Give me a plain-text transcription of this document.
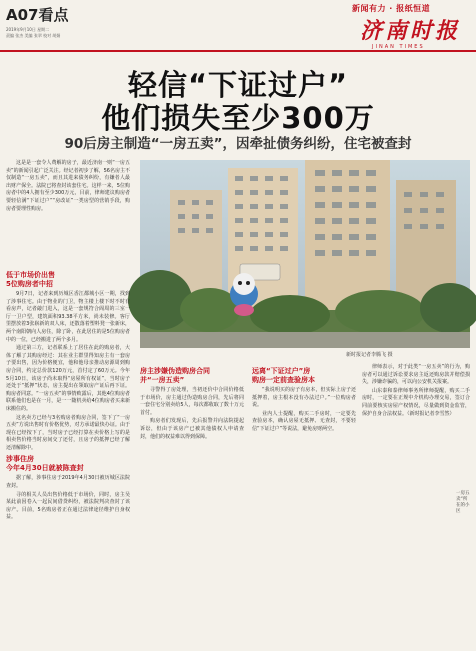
A07看点
2019年9月10日 星期二
责编 张杰 美编 张翠 校对 胡娟
新闻有力 · 报纸恒道
济南时报
JINAN TIMES
轻信“下证过户”
他们损失至少300万
90后房主制造“一房五卖”，因牵扯债务纠纷，住宅被查封

这是是一套令人费解的房子，最近济南一则“一房五卖”的新闻引起广泛关注。经记者初步了解，56名房主不仅制造“一房五卖”，而且其进来债务纠纷，有嫌者人最出财产保全。法院已将查封该套住宅。这样一来，5位购房者中的4人拥有至少300万元，目前，律师建议购房者要轻信满“下证过户”“房改证”一类房型的营销手段，购房者要理性购房。

一房五卖“所在的小区
新时报记者李腾飞 摄
低于市场价出售
5位购房者中招

9月7日，记者来到历城区香江都城小区一期，找到了涉事住宅。由于物业的门卫，物主楼上楼下时不时有看房声，记者敲门进入，这是一套规符合阁周的三室一厅一卫户型，建筑面积93.38平方米，尚未装修。客厅里摆放着3张崭新的双人床，还散落着塑料凳一张新床，两个南阳朝向人房住，除了卧，在此居住的是5位购房者中的一位，已经搬进了两个多月。

通过第三方，记者联系上了居住在此的购房者，大体了解了其购房经过：其在业主群里得知房主有一套房子要出售，因为价格便宜，他和他母亲推动房源周到购房合同，约定总价款120万元，首付定了60万元。今年5月10日，该房子尚未取得“房屋所有权证”，当时房子还处于“抵押”状态，房主提出在领取房产证后再下证。购房者同意。“一房五卖”的事情败露后，其他4位购房者联系他们也是在一月，是一一随机卖给4位购房者买来新床搬住的。

这名卖方已经与3名购房者购房合同，签下了“一房五卖”方说出售时有价格优势，对方承诺最快办证。由于现在已经按下了，当时房子已经打算在卖价格上写的是相卖售价格当时房间交了还付，且房子的抵押已经了解还清解除中。

涉事住房
今年4月30日就被陈查封

据了解，涉事住房于2019年4月30日被历城区法院查封。

寻的相关人员出售价格低于市场价，同时，房主吴某此前因卷入一起民间借贷纠纷，被法院判决查封了该房产。目前，5名购房者正在通过法律途径维护自身权益。

房主涉嫌伪造购房合同
并“一房五卖”

寻警得了房处理，当初还价中合同价格低于市场价，房主通过伪造购房合同，先后将同一套住宅分别卖给5人，每次都收取了数十万元首付。

购房者们发现后，先后报警并向法院提起诉讼，但由于该房产已被其他债权人申请查封，他们的权益难以得到保障。

远离“下证过户”房
购房一定前查验房本

“我说明买的房子有房本，但实际上房子还抵押着，房主根本没有办法过户。”一位购房者说。

业内人士提醒，购买二手房时，一定要先查验房本，确认房屋无抵押、无查封，不要轻信“下证过户”等说法，避免房财两空。

律师表示，对于此类“一房五卖”的行为，购房者可以通过诉讼要求房主返还购房款并赔偿损失，涉嫌诈骗的，可以向公安机关报案。

山东泰和泰律师事务所律师提醒，购买二手房时，一定要在正规中介机构办理交易，签订合同前要核实房屋产权情况，尽量做到资金监管，保护自身合法权益。（新时报记者李雪然）
